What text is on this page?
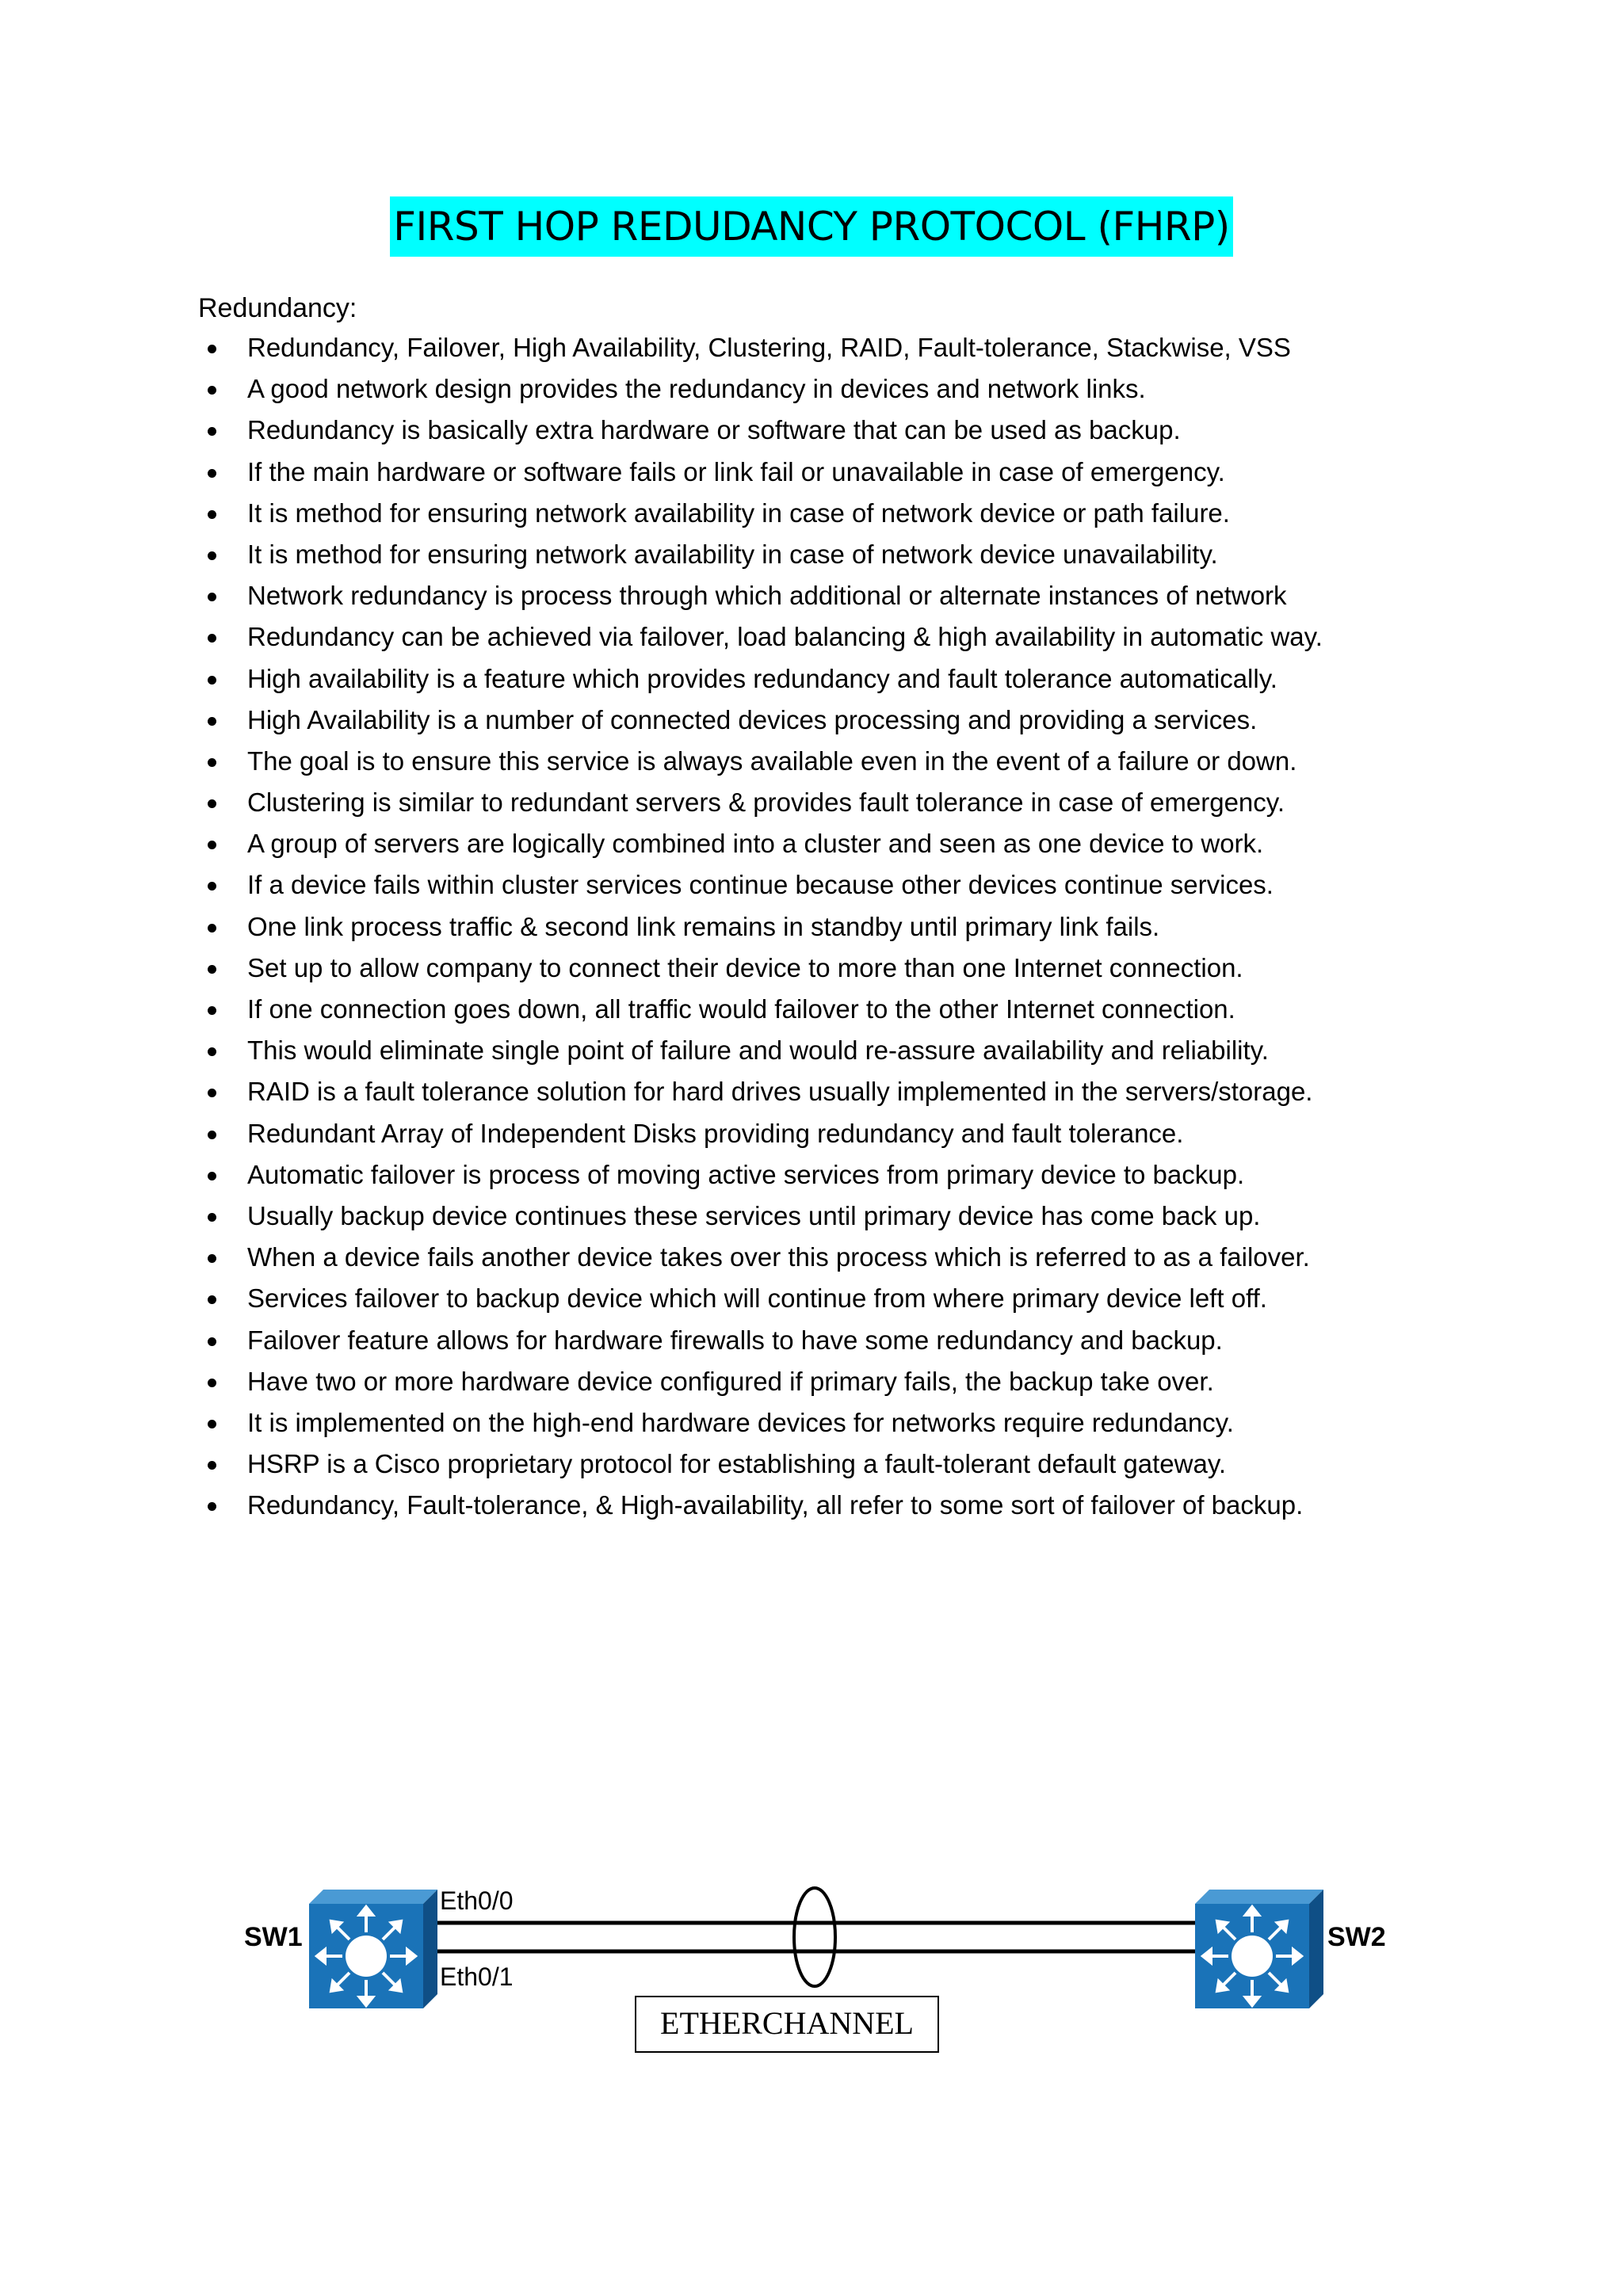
FIRST HOP REDUDANCY PROTOCOL (FHRP)
Redundancy:
Redundancy, Failover, High Availability, Clustering, RAID, Fault-tolerance, Stackwise, VSS
A good network design provides the redundancy in devices and network links.
Redundancy is basically extra hardware or software that can be used as backup.
If the main hardware or software fails or link fail or unavailable in case of emergency.
It is method for ensuring network availability in case of network device or path failure.
It is method for ensuring network availability in case of network device unavailability.
Network redundancy is process through which additional or alternate instances of network
Redundancy can be achieved via failover, load balancing & high availability in automatic way.
High availability is a feature which provides redundancy and fault tolerance automatically.
High Availability is a number of connected devices processing and providing a services.
The goal is to ensure this service is always available even in the event of a failure or down.
Clustering is similar to redundant servers & provides fault tolerance in case of emergency.
A group of servers are logically combined into a cluster and seen as one device to work.
If a device fails within cluster services continue because other devices continue services.
One link process traffic & second link remains in standby until primary link fails.
Set up to allow company to connect their device to more than one Internet connection.
If one connection goes down, all traffic would failover to the other Internet connection.
This would eliminate single point of failure and would re-assure availability and reliability.
RAID is a fault tolerance solution for hard drives usually implemented in the servers/storage.
Redundant Array of Independent Disks providing redundancy and fault tolerance.
Automatic failover is process of moving active services from primary device to backup.
Usually backup device continues these services until primary device has come back up.
When a device fails another device takes over this process which is referred to as a failover.
Services failover to backup device which will continue from where primary device left off.
Failover feature allows for hardware firewalls to have some redundancy and backup.
Have two or more hardware device configured if primary fails, the backup take over.
It is implemented on the high-end hardware devices for networks require redundancy.
HSRP is a Cisco proprietary protocol for establishing a fault-tolerant default gateway.
Redundancy, Fault-tolerance, & High-availability, all refer to some sort of failover of backup.
ETHERCHANNEL
Eth0/0
Eth0/1
SW1	SW2
